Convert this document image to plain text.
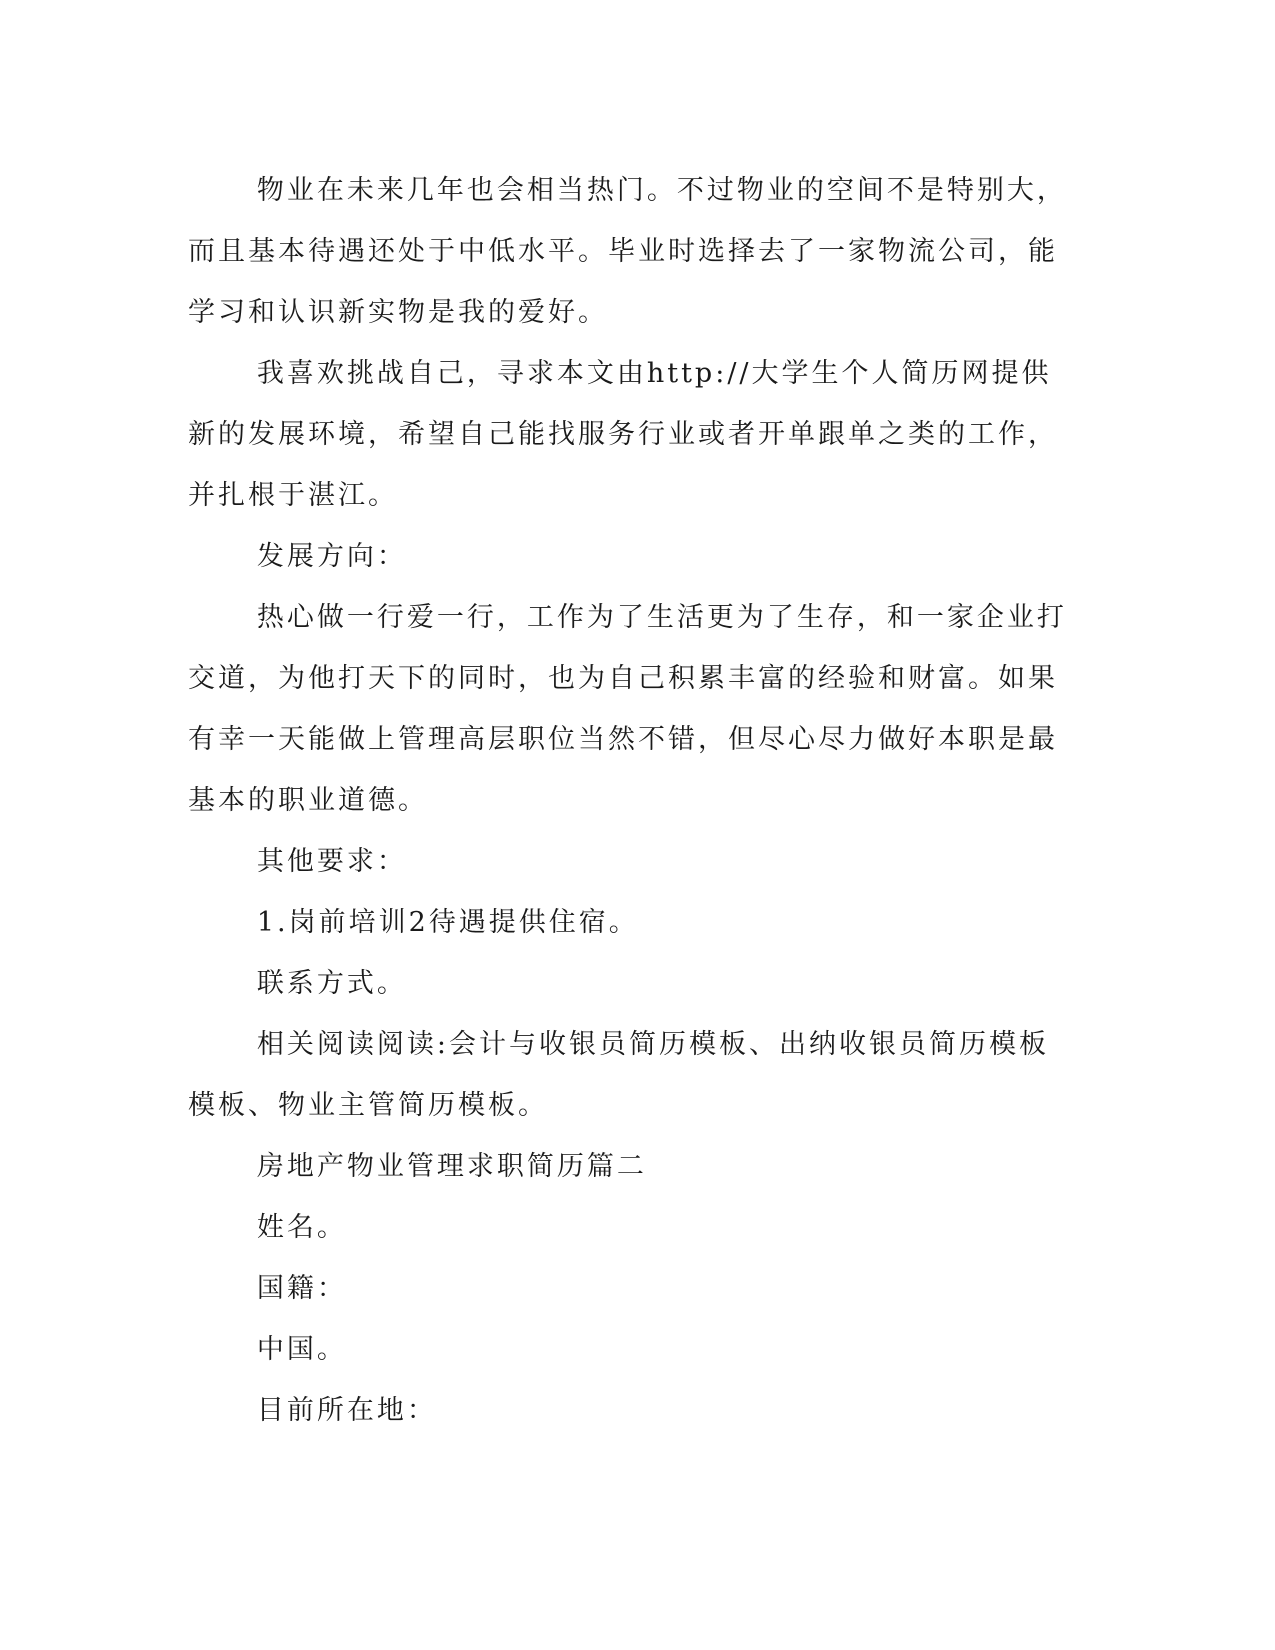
物业在未来几年也会相当热门。不过物业的空间不是特别大，而且基本待遇还处于中低水平。毕业时选择去了一家物流公司，能学习和认识新实物是我的爱好。

我喜欢挑战自己，寻求本文由http://大学生个人简历网提供新的发展环境，希望自己能找服务行业或者开单跟单之类的工作，并扎根于湛江。

发展方向：

热心做一行爱一行，工作为了生活更为了生存，和一家企业打交道，为他打天下的同时，也为自己积累丰富的经验和财富。如果有幸一天能做上管理高层职位当然不错，但尽心尽力做好本职是最基本的职业道德。

其他要求：

1.岗前培训2待遇提供住宿。

联系方式。

相关阅读阅读:会计与收银员简历模板、出纳收银员简历模板模板、物业主管简历模板。

房地产物业管理求职简历篇二

姓名。

国籍：

中国。

目前所在地：
